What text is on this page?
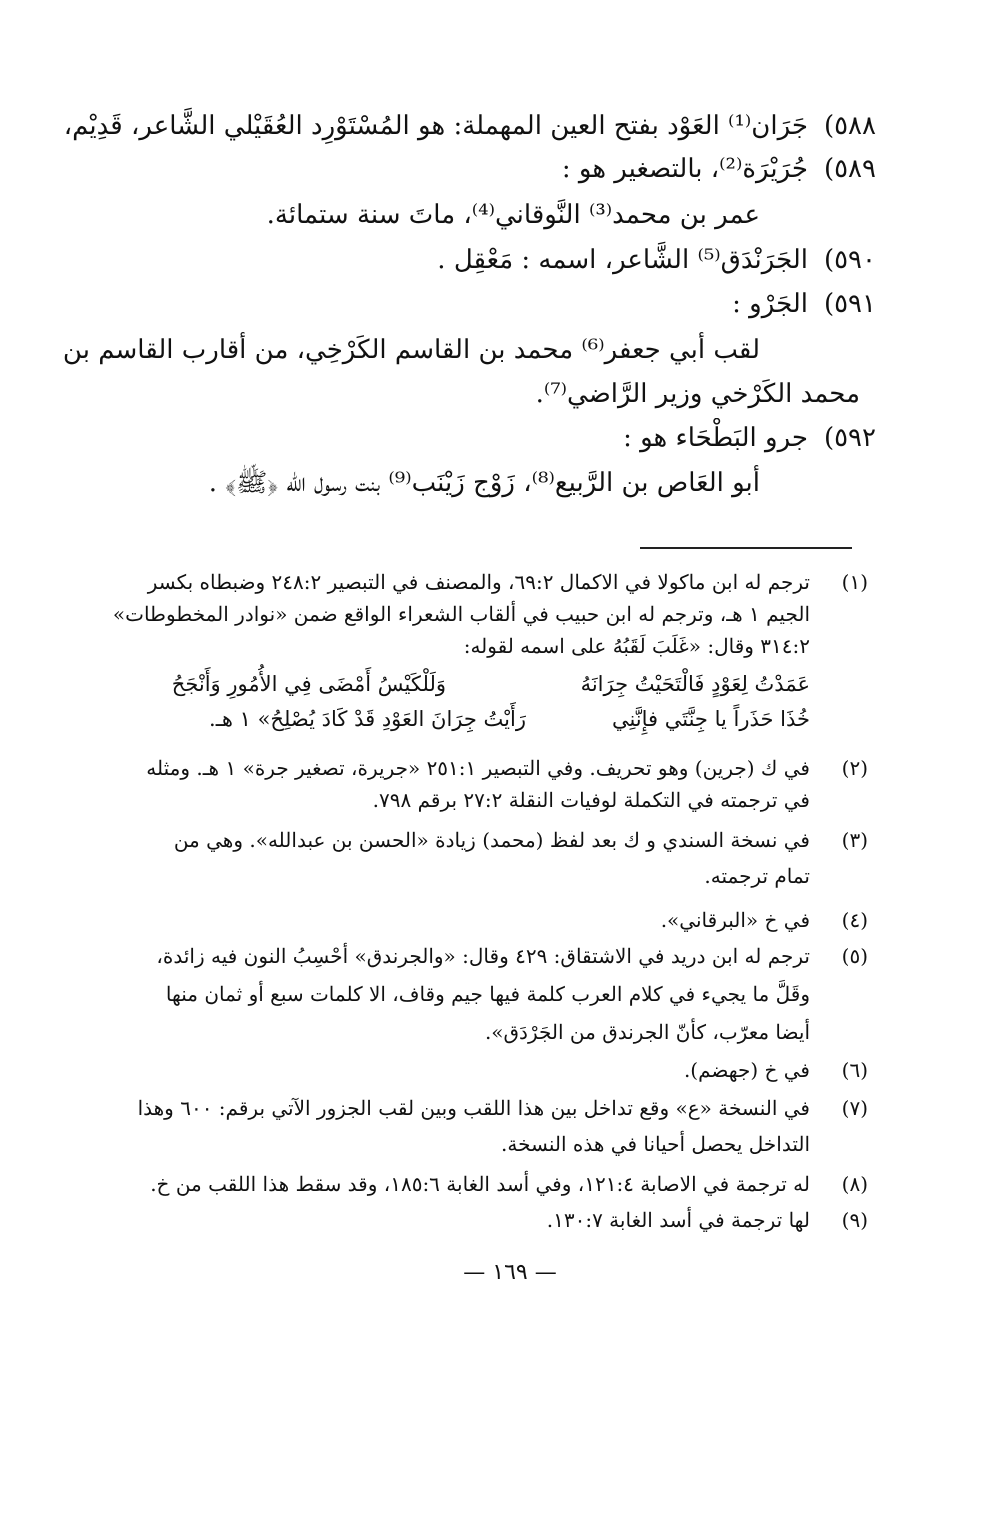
٥٨٨)
جَرَان⁽¹⁾ العَوْد بفتح العين المهملة: هو المُسْتَوْرِد العُقَيْلي الشَّاعر، قَدِيْم،
٥٨٩)
جُرَيْرَة⁽²⁾، بالتصغير هو :
عمر بن محمد⁽³⁾ النَّوقاني⁽⁴⁾، ماتَ سنة ستمائة.
٥٩٠)
الجَرَنْدَق⁽⁵⁾ الشَّاعر، اسمه : مَعْقِل .
٥٩١)
الجَرْو :
لقب أبي جعفر⁽⁶⁾ محمد بن القاسم الكَرْخِي، من أقارب القاسم بن
محمد الكَرْخي وزير الرَّاضي⁽⁷⁾.
٥٩٢)
جرو البَطْحَاء هو :
أبو العَاص بن الرَّبيع⁽⁸⁾، زَوْج زَيْنَب⁽⁹⁾ بنت رسول الله ﴿ﷺ﴾ .
(١)
ترجم له ابن ماكولا في الاكمال ٦٩:٢، والمصنف في التبصير ٢٤٨:٢ وضبطاه بكسر
الجيم ١ هـ، وترجم له ابن حبيب في ألقاب الشعراء الواقع ضمن «نوادر المخطوطات»
٣١٤:٢ وقال: «غَلَبَ لَقَبُهُ على اسمه لقوله:
عَمَدْتُ لِعَوْدٍ فَالْتَحَيْتُ جِرَانَهُ
وَلَلْكَيْسُ أَمْضَى فِي الأُمُورِ وَأَنْجَحُ
خُذَا حَذَراً يا جِنَّتَي فإِنَّنِي
رَأَيْتُ جِرَانَ العَوْدِ قَدْ كَادَ يُصْلِحُ» ١ هـ.
(٢)
في ك (جرين) وهو تحريف. وفي التبصير ٢٥١:١ «جريرة، تصغير جرة» ١ هـ. ومثله
في ترجمته في التكملة لوفيات النقلة ٢٧:٢ برقم ٧٩٨.
(٣)
في نسخة السندي و ك بعد لفظ (محمد) زيادة «الحسن بن عبدالله». وهي من
تمام ترجمته.
(٤)
في خ «البرقاني».
(٥)
ترجم له ابن دريد في الاشتقاق: ٤٢٩ وقال: «والجرندق» أحْسِبُ النون فيه زائدة،
وقَلَّ ما يجيء في كلام العرب كلمة فيها جيم وقاف، الا كلمات سبع أو ثمان منها
أيضا معرّب، كأنّ الجرندق من الجَرْدَق».
(٦)
في خ (جهضم).
(٧)
في النسخة «ع» وقع تداخل بين هذا اللقب وبين لقب الجزور الآتي برقم: ٦٠٠ وهذا
التداخل يحصل أحيانا في هذه النسخة.
(٨)
له ترجمة في الاصابة ١٢١:٤، وفي أسد الغابة ١٨٥:٦، وقد سقط هذا اللقب من خ.
(٩)
لها ترجمة في أسد الغابة ١٣٠:٧.
— ١٦٩ —
